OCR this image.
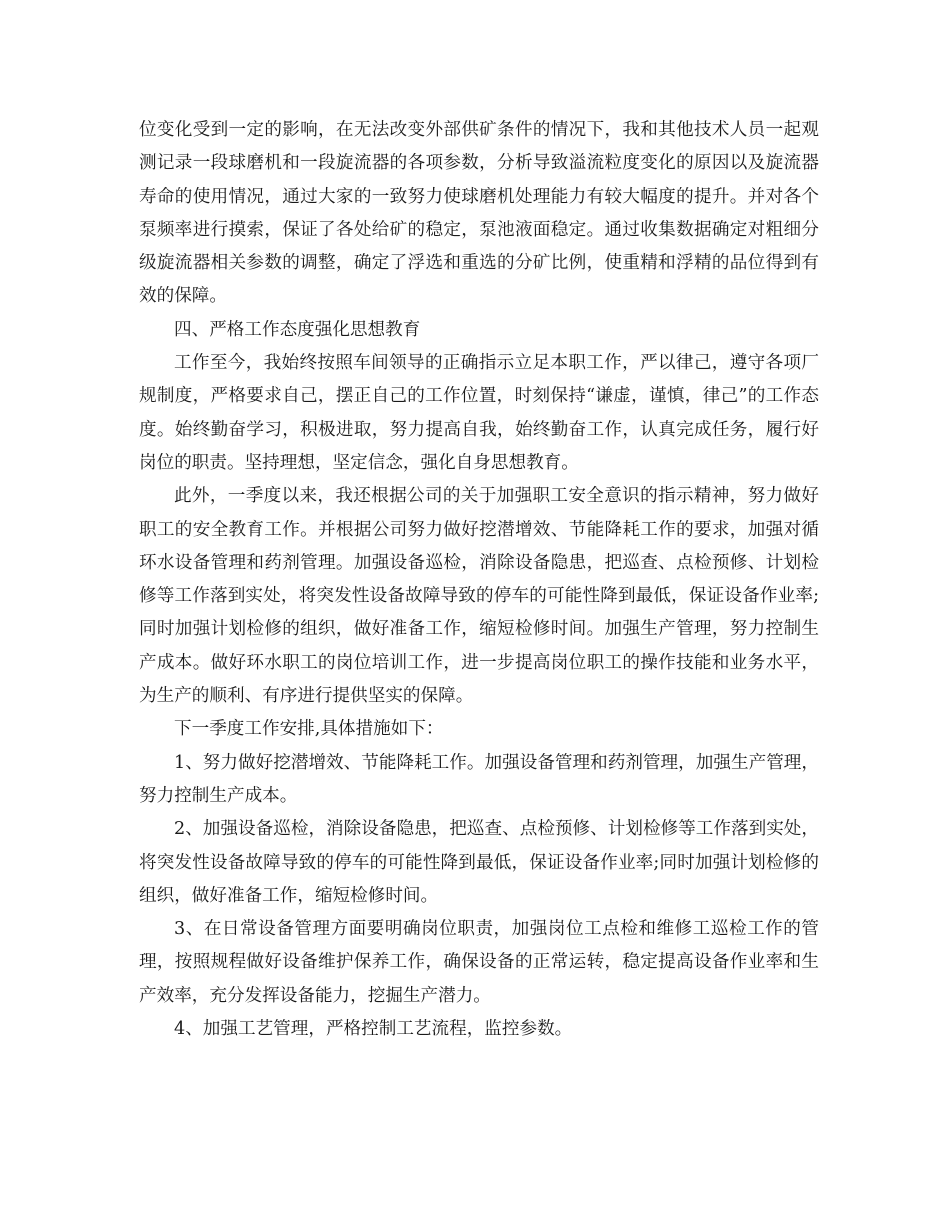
位变化受到一定的影响，在无法改变外部供矿条件的情况下，我和其他技术人员一起观测记录一段球磨机和一段旋流器的各项参数，分析导致溢流粒度变化的原因以及旋流器寿命的使用情况，通过大家的一致努力使球磨机处理能力有较大幅度的提升。并对各个泵频率进行摸索，保证了各处给矿的稳定，泵池液面稳定。通过收集数据确定对粗细分级旋流器相关参数的调整，确定了浮选和重选的分矿比例，使重精和浮精的品位得到有效的保障。

四、严格工作态度强化思想教育

工作至今，我始终按照车间领导的正确指示立足本职工作，严以律己，遵守各项厂规制度，严格要求自己，摆正自己的工作位置，时刻保持“谦虚，谨慎，律己”的工作态度。始终勤奋学习，积极进取，努力提高自我，始终勤奋工作，认真完成任务，履行好岗位的职责。坚持理想，坚定信念，强化自身思想教育。

此外，一季度以来，我还根据公司的关于加强职工安全意识的指示精神，努力做好职工的安全教育工作。并根据公司努力做好挖潜增效、节能降耗工作的要求，加强对循环水设备管理和药剂管理。加强设备巡检，消除设备隐患，把巡查、点检预修、计划检修等工作落到实处，将突发性设备故障导致的停车的可能性降到最低，保证设备作业率;同时加强计划检修的组织，做好准备工作，缩短检修时间。加强生产管理，努力控制生产成本。做好环水职工的岗位培训工作，进一步提高岗位职工的操作技能和业务水平，为生产的顺利、有序进行提供坚实的保障。

下一季度工作安排,具体措施如下：

1、努力做好挖潜增效、节能降耗工作。加强设备管理和药剂管理，加强生产管理，努力控制生产成本。

2、加强设备巡检，消除设备隐患，把巡查、点检预修、计划检修等工作落到实处，将突发性设备故障导致的停车的可能性降到最低，保证设备作业率;同时加强计划检修的组织，做好准备工作，缩短检修时间。

3、在日常设备管理方面要明确岗位职责，加强岗位工点检和维修工巡检工作的管理，按照规程做好设备维护保养工作，确保设备的正常运转，稳定提高设备作业率和生产效率，充分发挥设备能力，挖掘生产潜力。

4、加强工艺管理，严格控制工艺流程，监控参数。
